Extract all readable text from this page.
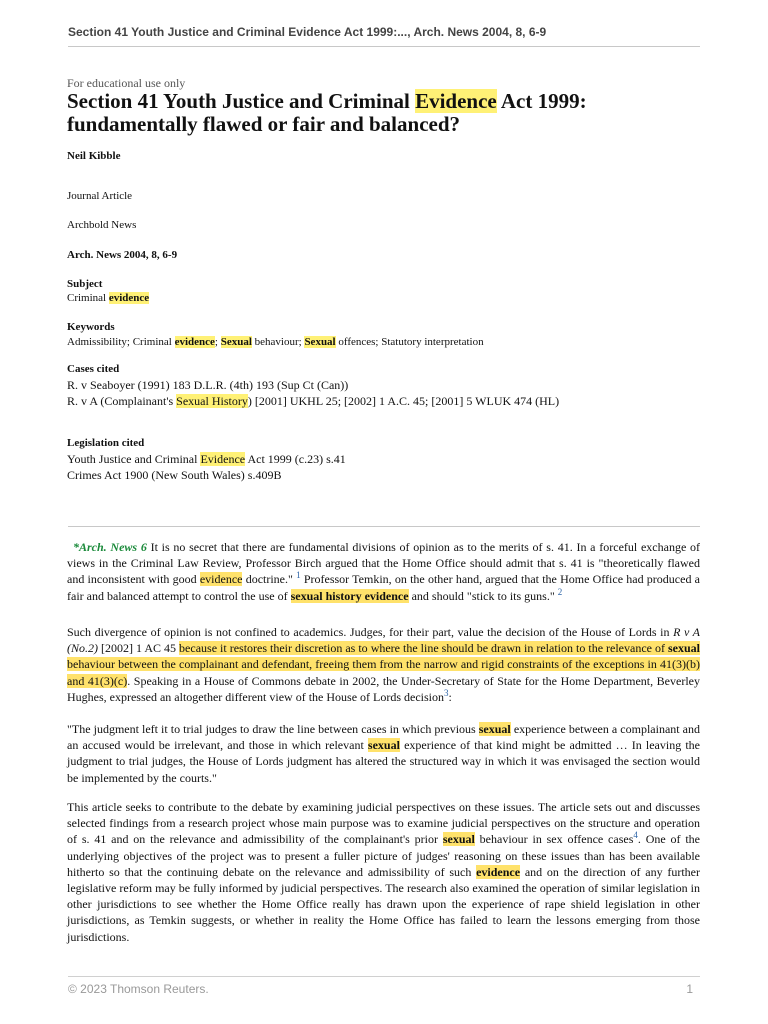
Section 41 Youth Justice and Criminal Evidence Act 1999:..., Arch. News 2004, 8, 6-9
For educational use only
Section 41 Youth Justice and Criminal Evidence Act 1999: fundamentally flawed or fair and balanced?
Neil Kibble
Journal Article
Archbold News
Arch. News 2004, 8, 6-9
Subject
Criminal evidence
Keywords
Admissibility; Criminal evidence; Sexual behaviour; Sexual offences; Statutory interpretation
Cases cited
R. v Seaboyer (1991) 183 D.L.R. (4th) 193 (Sup Ct (Can))
R. v A (Complainant's Sexual History) [2001] UKHL 25; [2002] 1 A.C. 45; [2001] 5 WLUK 474 (HL)
Legislation cited
Youth Justice and Criminal Evidence Act 1999 (c.23) s.41
Crimes Act 1900 (New South Wales) s.409B

*Arch. News 6 It is no secret that there are fundamental divisions of opinion as to the merits of s. 41. In a forceful exchange of views in the Criminal Law Review, Professor Birch argued that the Home Office should admit that s. 41 is "theoretically flawed and inconsistent with good evidence doctrine." $^1$ Professor Temkin, on the other hand, argued that the Home Office had produced a fair and balanced attempt to control the use of sexual history evidence and should "stick to its guns." $^2$

Such divergence of opinion is not confined to academics. Judges, for their part, value the decision of the House of Lords in R v A (No.2) [2002] 1 AC 45 because it restores their discretion as to where the line should be drawn in relation to the relevance of sexual behaviour between the complainant and defendant, freeing them from the narrow and rigid constraints of the exceptions in 41(3)(b) and 41(3)(c). Speaking in a House of Commons debate in 2002, the Under-Secretary of State for the Home Department, Beverley Hughes, expressed an altogether different view of the House of Lords decision$^3$:

"The judgment left it to trial judges to draw the line between cases in which previous sexual experience between a complainant and an accused would be irrelevant, and those in which relevant sexual experience of that kind might be admitted … In leaving the judgment to trial judges, the House of Lords judgment has altered the structured way in which it was envisaged the section would be implemented by the courts."

This article seeks to contribute to the debate by examining judicial perspectives on these issues. The article sets out and discusses selected findings from a research project whose main purpose was to examine judicial perspectives on the structure and operation of s. 41 and on the relevance and admissibility of the complainant's prior sexual behaviour in sex offence cases$^4$. One of the underlying objectives of the project was to present a fuller picture of judges' reasoning on these issues than has been available hitherto so that the continuing debate on the relevance and admissibility of such evidence and on the direction of any further legislative reform may be fully informed by judicial perspectives. The research also examined the operation of similar legislation in other jurisdictions to see whether the Home Office really has drawn upon the experience of rape shield legislation in other jurisdictions, as Temkin suggests, or whether in reality the Home Office has failed to learn the lessons emerging from those jurisdictions.

© 2023 Thomson Reuters.	1
